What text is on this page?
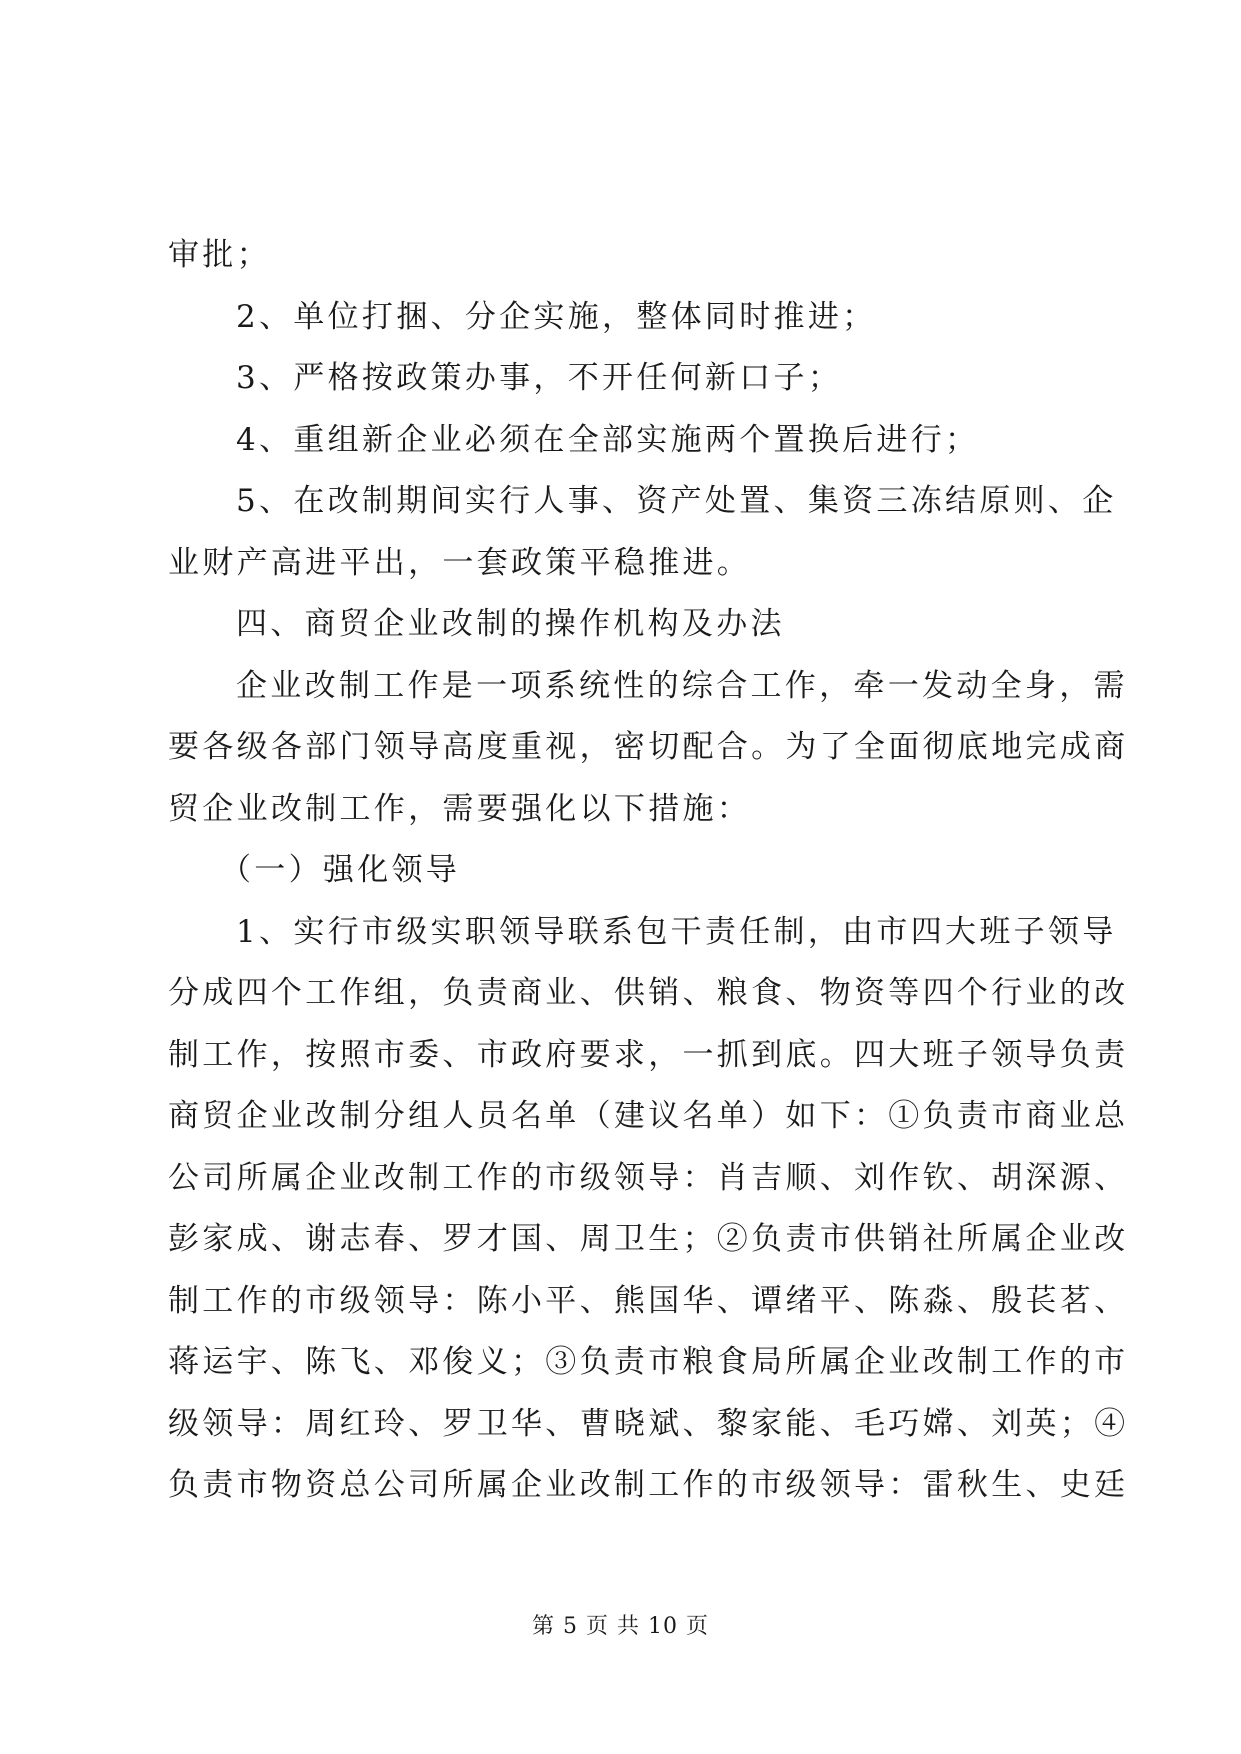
审批；

2、单位打捆、分企实施，整体同时推进；

3、严格按政策办事，不开任何新口子；

4、重组新企业必须在全部实施两个置换后进行；

5、在改制期间实行人事、资产处置、集资三冻结原则、企

业财产高进平出，一套政策平稳推进。

四、商贸企业改制的操作机构及办法

企业改制工作是一项系统性的综合工作，牵一发动全身，需

要各级各部门领导高度重视，密切配合。为了全面彻底地完成商

贸企业改制工作，需要强化以下措施：

（一）强化领导

1、实行市级实职领导联系包干责任制，由市四大班子领导

分成四个工作组，负责商业、供销、粮食、物资等四个行业的改

制工作，按照市委、市政府要求，一抓到底。四大班子领导负责

商贸企业改制分组人员名单（建议名单）如下：①负责市商业总

公司所属企业改制工作的市级领导：肖吉顺、刘作钦、胡深源、

彭家成、谢志春、罗才国、周卫生；②负责市供销社所属企业改

制工作的市级领导：陈小平、熊国华、谭绪平、陈淼、殷苌茗、

蒋运宇、陈飞、邓俊义；③负责市粮食局所属企业改制工作的市

级领导：周红玲、罗卫华、曹晓斌、黎家能、毛巧嫦、刘英；④

负责市物资总公司所属企业改制工作的市级领导：雷秋生、史廷

第 5 页 共 10 页
